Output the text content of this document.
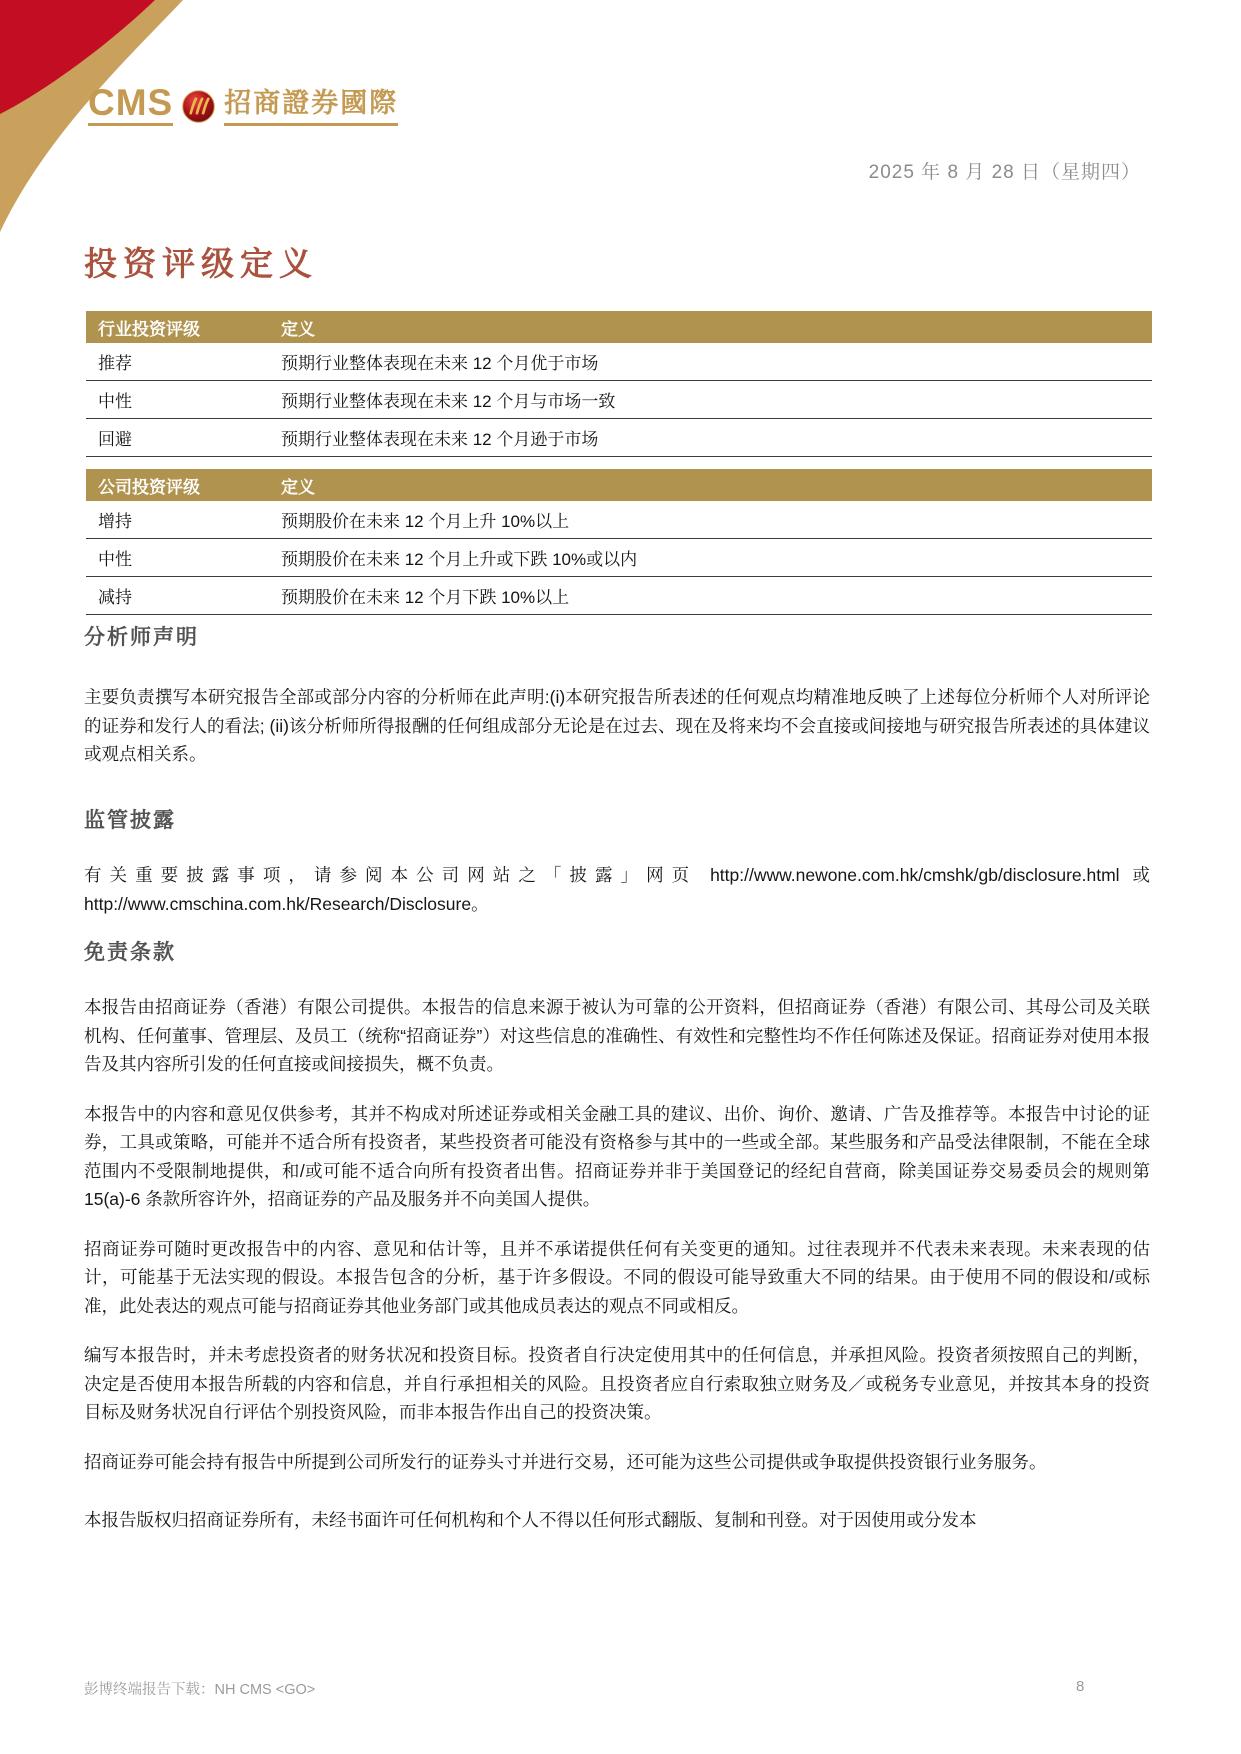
CMS 招商證券國際
2025 年 8 月 28 日（星期四）
投资评级定义
行业投资评级	定义
推荐	预期行业整体表现在未来 12 个月优于市场
中性	预期行业整体表现在未来 12 个月与市场一致
回避	预期行业整体表现在未来 12 个月逊于市场
公司投资评级	定义
增持	预期股价在未来 12 个月上升 10%以上
中性	预期股价在未来 12 个月上升或下跌 10%或以内
减持	预期股价在未来 12 个月下跌 10%以上
分析师声明

主要负责撰写本研究报告全部或部分内容的分析师在此声明:(i)本研究报告所表述的任何观点均精准地反映了上述每位分析师个人对所评论的证券和发行人的看法; (ii)该分析师所得报酬的任何组成部分无论是在过去、现在及将来均不会直接或间接地与研究报告所表述的具体建议或观点相关系。

监管披露

有关重要披露事项，请参阅本公司网站之「披露」网页 http://www.newone.com.hk/cmshk/gb/disclosure.html 或 http://www.cmschina.com.hk/Research/Disclosure。

免责条款

本报告由招商证券（香港）有限公司提供。本报告的信息来源于被认为可靠的公开资料，但招商证券（香港）有限公司、其母公司及关联机构、任何董事、管理层、及员工（统称“招商证券”）对这些信息的准确性、有效性和完整性均不作任何陈述及保证。招商证券对使用本报告及其内容所引发的任何直接或间接损失，概不负责。

本报告中的内容和意见仅供参考，其并不构成对所述证券或相关金融工具的建议、出价、询价、邀请、广告及推荐等。本报告中讨论的证券，工具或策略，可能并不适合所有投资者，某些投资者可能没有资格参与其中的一些或全部。某些服务和产品受法律限制，不能在全球范围内不受限制地提供，和/或可能不适合向所有投资者出售。招商证券并非于美国登记的经纪自营商，除美国证券交易委员会的规则第 15(a)-6 条款所容许外，招商证券的产品及服务并不向美国人提供。

招商证券可随时更改报告中的内容、意见和估计等，且并不承诺提供任何有关变更的通知。过往表现并不代表未来表现。未来表现的估计，可能基于无法实现的假设。本报告包含的分析，基于许多假设。不同的假设可能导致重大不同的结果。由于使用不同的假设和/或标准，此处表达的观点可能与招商证券其他业务部门或其他成员表达的观点不同或相反。

编写本报告时，并未考虑投资者的财务状况和投资目标。投资者自行决定使用其中的任何信息，并承担风险。投资者须按照自己的判断，决定是否使用本报告所载的内容和信息，并自行承担相关的风险。且投资者应自行索取独立财务及／或税务专业意见，并按其本身的投资目标及财务状况自行评估个别投资风险，而非本报告作出自己的投资决策。

招商证券可能会持有报告中所提到公司所发行的证券头寸并进行交易，还可能为这些公司提供或争取提供投资银行业务服务。

本报告版权归招商证券所有，未经书面许可任何机构和个人不得以任何形式翻版、复制和刊登。对于因使用或分发本

彭博终端报告下载：NH CMS <GO>	8
